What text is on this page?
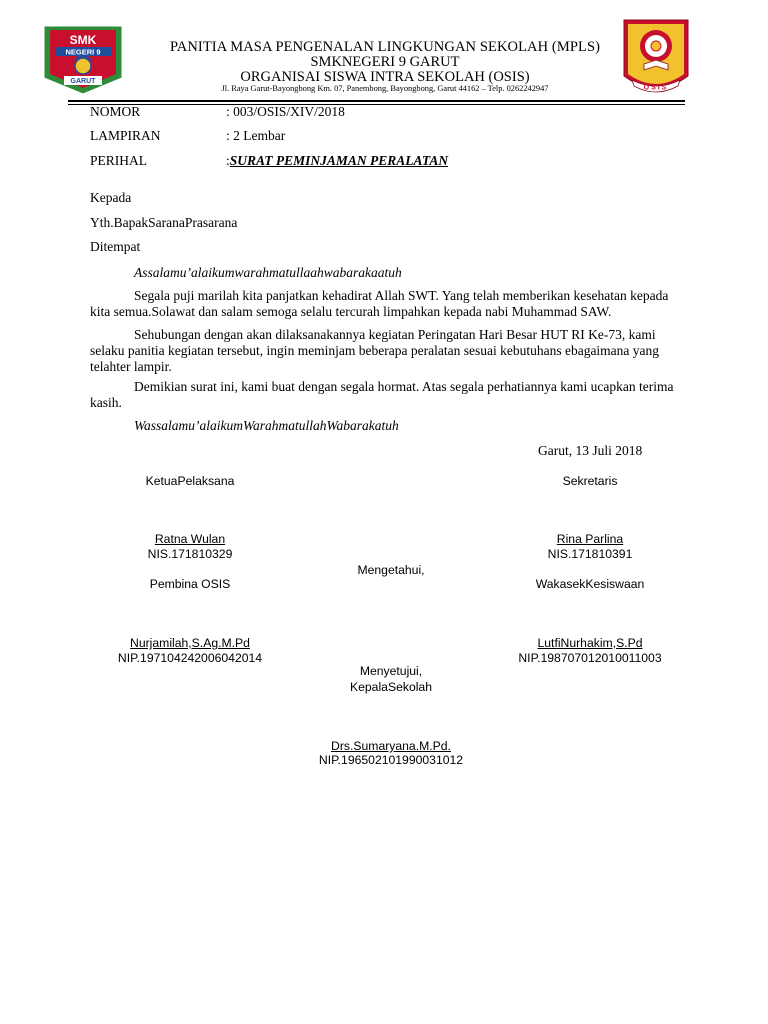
SMK
NEGERI 9
GARUT
OSIS
PANITIA MASA PENGENALAN LINGKUNGAN SEKOLAH (MPLS)
SMKNEGERI 9 GARUT
ORGANISAI SISWA INTRA SEKOLAH (OSIS)
Jl. Raya Garut-Bayongbong Km. 07, Panembong, Bayongbong, Garut 44162 – Telp. 0262242947
NOMOR	: 003/OSIS/XIV/2018
LAMPIRAN	: 2 Lembar
PERIHAL	:SURAT PEMINJAMAN PERALATAN
Kepada
Yth.BapakSaranaPrasarana
Ditempat
Assalamu’alaikumwarahmatullaahwabarakaatuh
Segala puji marilah kita panjatkan kehadirat Allah SWT. Yang telah memberikan kesehatan kepada kita semua.Solawat dan salam semoga selalu tercurah limpahkan kepada nabi Muhammad SAW.
Sehubungan dengan akan dilaksanakannya kegiatan Peringatan Hari Besar HUT RI Ke-73, kami selaku panitia kegiatan tersebut, ingin meminjam beberapa peralatan sesuai kebutuhans ebagaimana yang telahter lampir.
Demikian surat ini, kami buat dengan segala hormat. Atas segala perhatiannya kami ucapkan terima kasih.
Wassalamu’alaikumWarahmatullahWabarakatuh
Garut, 13 Juli 2018
KetuaPelaksana	Sekretaris
Ratna Wulan
NIS.171810329
Rina Parlina
NIS.171810391
Mengetahui,
Pembina OSIS	WakasekKesiswaan
Nurjamilah,S.Ag.M.Pd
NIP.197104242006042014
LutfiNurhakim,S.Pd
NIP.198707012010011003
Menyetujui,
KepalaSekolah
Drs.Sumaryana.M.Pd.
NIP.196502101990031012
